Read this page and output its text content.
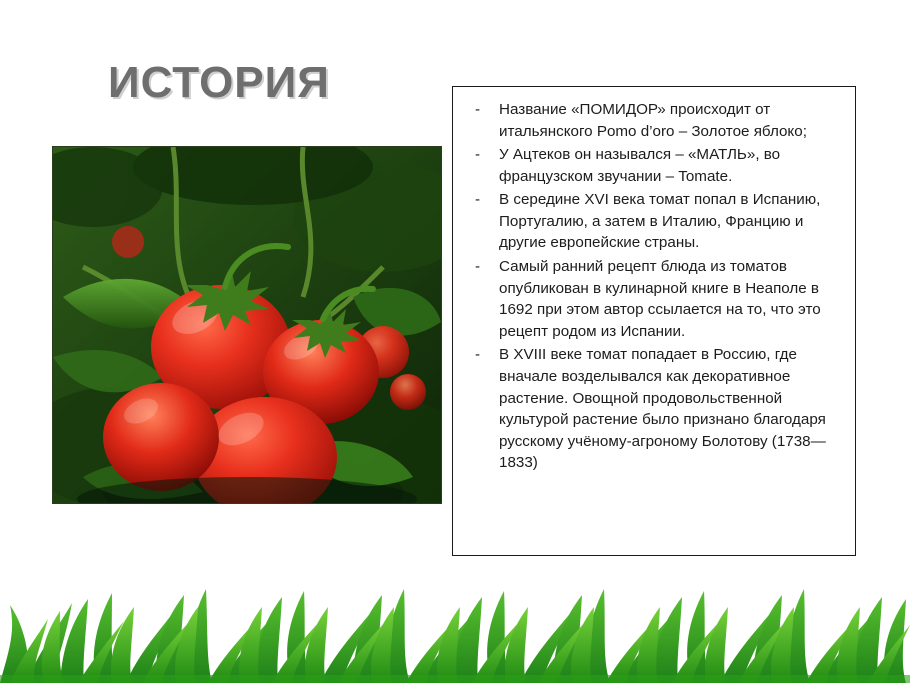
ИСТОРИЯ
- Название «ПОМИДОР» происходит от итальянского Pomo d’oro – Золотое яблоко;
- У Ацтеков он назывался – «МАТЛЬ», во французском звучании – Tomate.
- В середине XVI века томат попал в Испанию, Португалию, а затем в Италию, Францию и другие европейские страны.
- Самый ранний рецепт блюда из томатов опубликован в кулинарной книге в Неаполе в 1692 при этом автор ссылается на то, что это рецепт родом из Испании.
- В XVIII веке томат попадает в Россию, где вначале возделывался как декоративное растение. Овощной продовольственной культурой растение было признано благодаря русскому учёному-агроному Болотову (1738—1833)
